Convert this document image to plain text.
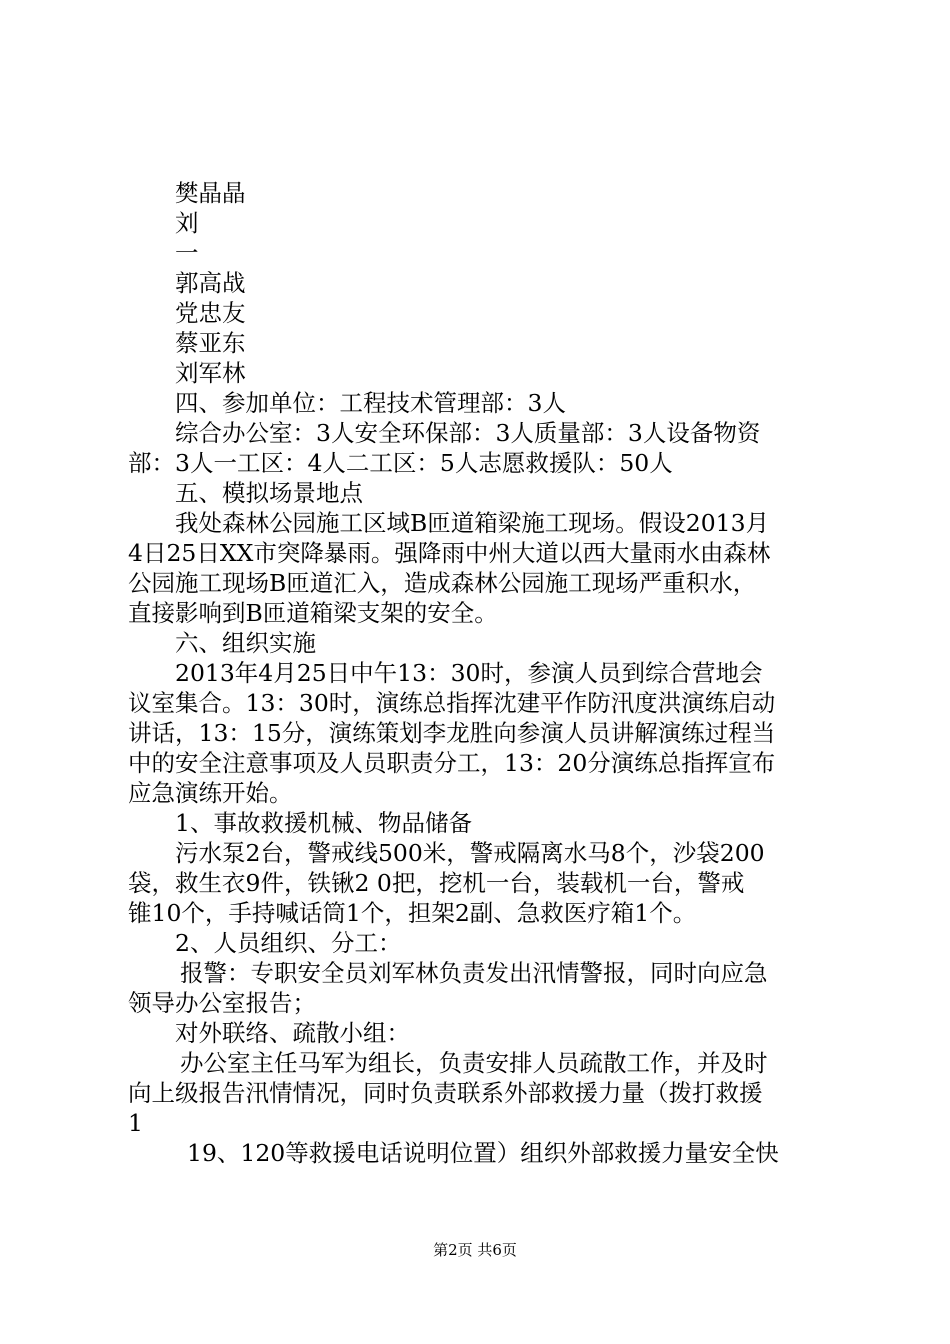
樊晶晶
刘
一
郭高战
党忠友
蔡亚东
刘军林
四、参加单位：工程技术管理部：3人
综合办公室：3人安全环保部：3人质量部：3人设备物资
部：3人一工区：4人二工区：5人志愿救援队：50人
五、模拟场景地点
我处森林公园施工区域B匝道箱梁施工现场。假设2013月
4日25日XX市突降暴雨。强降雨中州大道以西大量雨水由森林
公园施工现场B匝道汇入，造成森林公园施工现场严重积水，
直接影响到B匝道箱梁支架的安全。
六、组织实施
2013年4月25日中午13：30时，参演人员到综合营地会
议室集合。13：30时，演练总指挥沈建平作防汛度洪演练启动
讲话，13：15分，演练策划李龙胜向参演人员讲解演练过程当
中的安全注意事项及人员职责分工，13：20分演练总指挥宣布
应急演练开始。
1、事故救援机械、物品储备
污水泵2台，警戒线500米，警戒隔离水马8个，沙袋200
袋，救生衣9件，铁锹2 0把，挖机一台，装载机一台，警戒
锥10个，手持喊话筒1个，担架2副、急救医疗箱1个。
2、人员组织、分工：
报警：专职安全员刘军林负责发出汛情警报，同时向应急
领导办公室报告；
对外联络、疏散小组：
办公室主任马军为组长，负责安排人员疏散工作，并及时
向上级报告汛情情况，同时负责联系外部救援力量（拨打救援
1
19、120等救援电话说明位置）组织外部救援力量安全快
第2页 共6页
